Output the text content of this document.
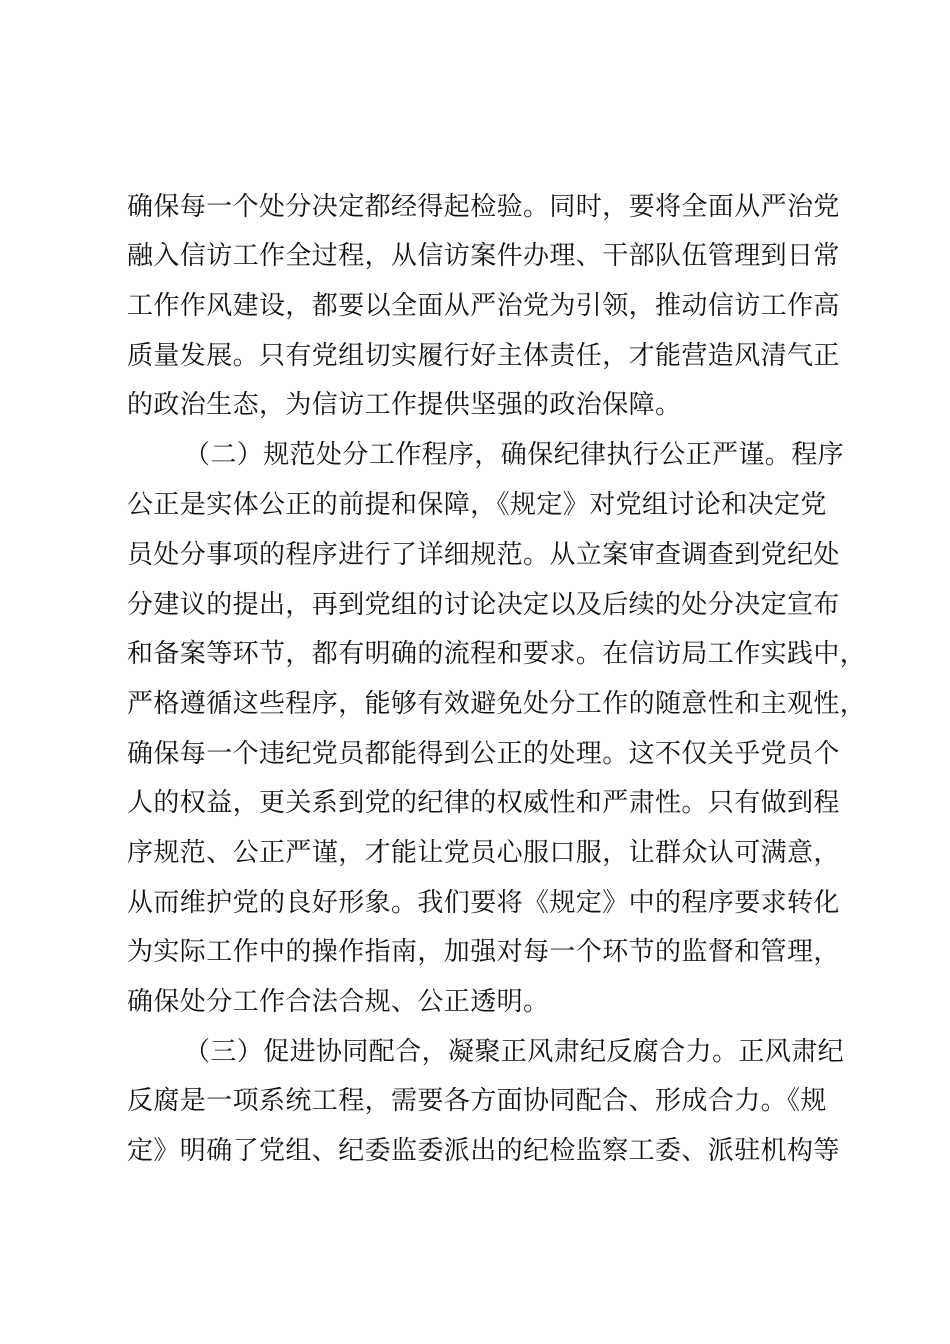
确保每一个处分决定都经得起检验。同时，要将全面从严治党
融入信访工作全过程，从信访案件办理、干部队伍管理到日常
工作作风建设，都要以全面从严治党为引领，推动信访工作高
质量发展。只有党组切实履行好主体责任，才能营造风清气正
的政治生态，为信访工作提供坚强的政治保障。
（二）规范处分工作程序，确保纪律执行公正严谨。程序
公正是实体公正的前提和保障，《规定》对党组讨论和决定党
员处分事项的程序进行了详细规范。从立案审查调查到党纪处
分建议的提出，再到党组的讨论决定以及后续的处分决定宣布
和备案等环节，都有明确的流程和要求。在信访局工作实践中，
严格遵循这些程序，能够有效避免处分工作的随意性和主观性，
确保每一个违纪党员都能得到公正的处理。这不仅关乎党员个
人的权益，更关系到党的纪律的权威性和严肃性。只有做到程
序规范、公正严谨，才能让党员心服口服，让群众认可满意，
从而维护党的良好形象。我们要将《规定》中的程序要求转化
为实际工作中的操作指南，加强对每一个环节的监督和管理，
确保处分工作合法合规、公正透明。
（三）促进协同配合，凝聚正风肃纪反腐合力。正风肃纪
反腐是一项系统工程，需要各方面协同配合、形成合力。《规
定》明确了党组、纪委监委派出的纪检监察工委、派驻机构等
